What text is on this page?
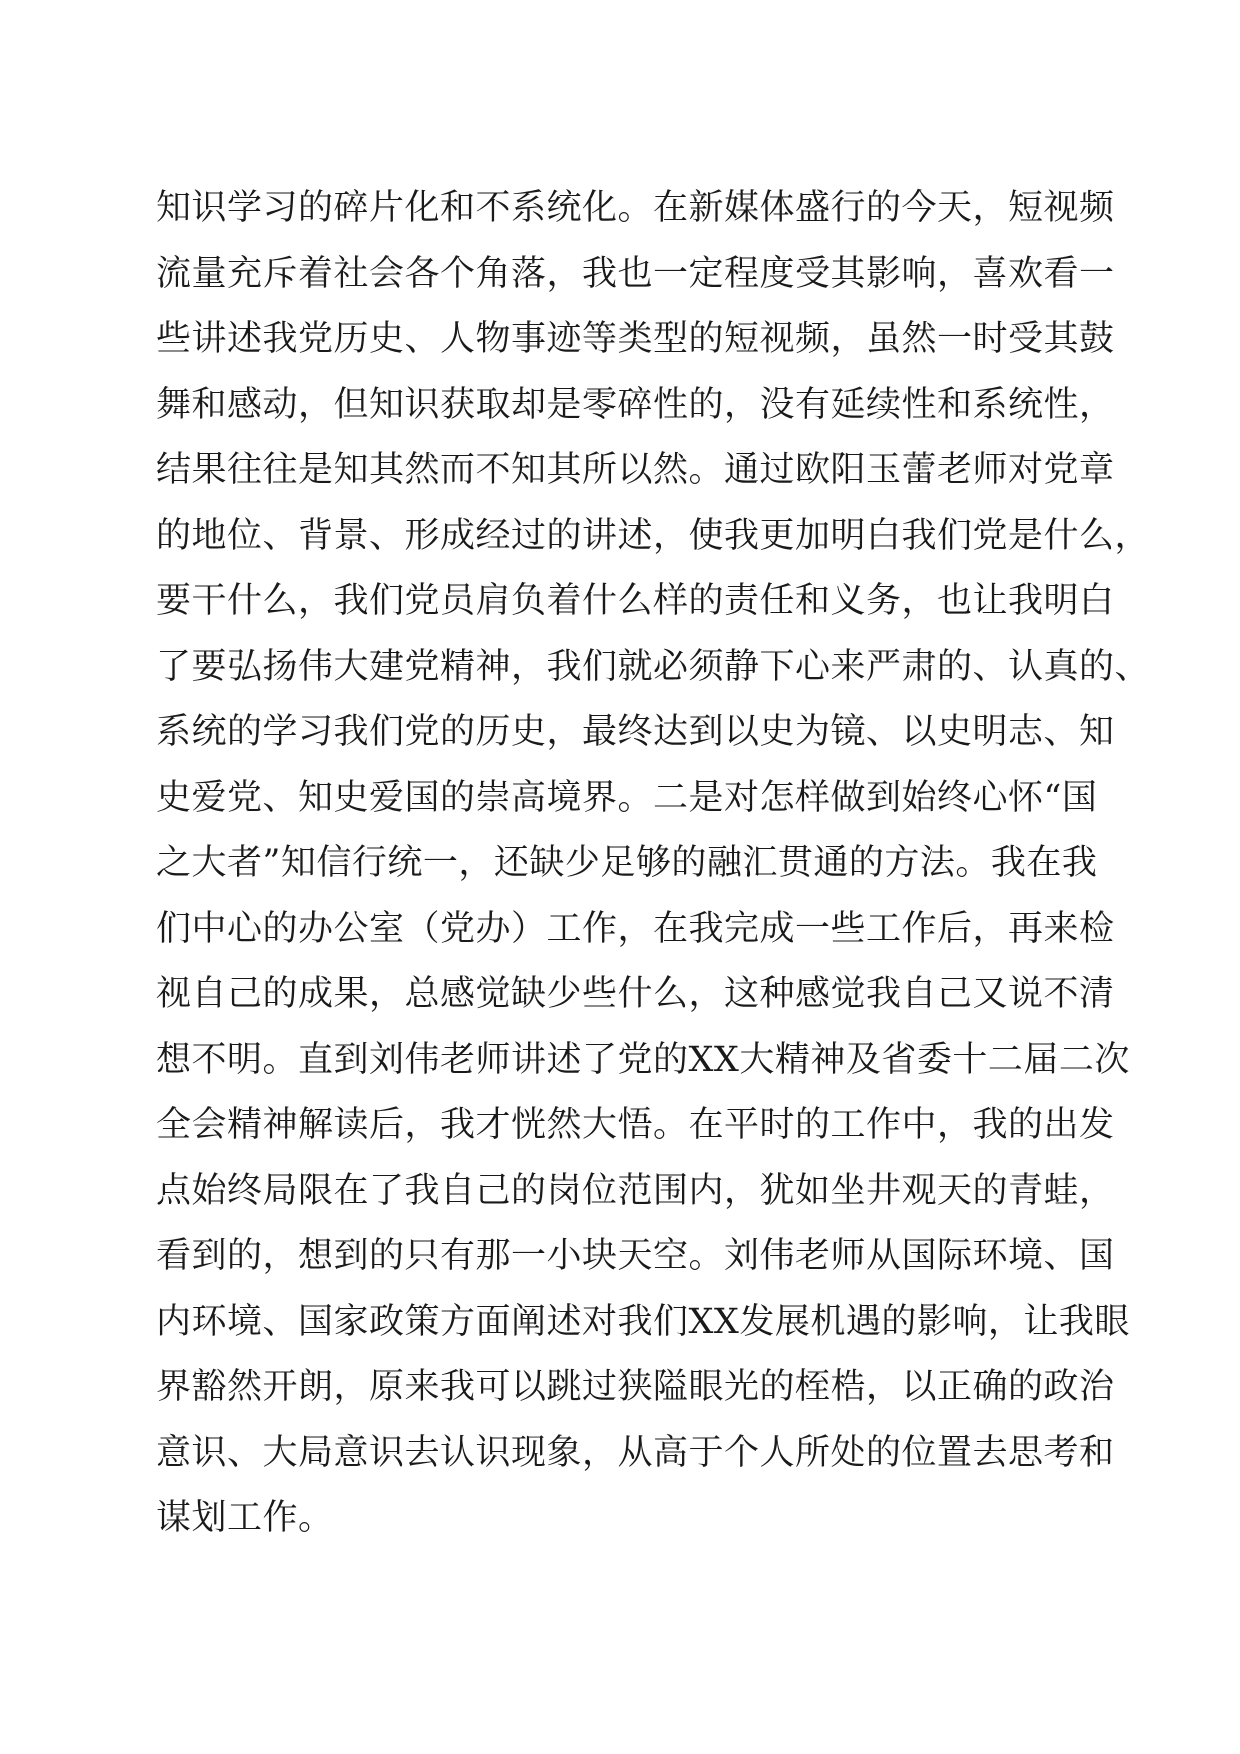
知识学习的碎片化和不系统化。在新媒体盛行的今天，短视频
流量充斥着社会各个角落，我也一定程度受其影响，喜欢看一
些讲述我党历史、人物事迹等类型的短视频，虽然一时受其鼓
舞和感动，但知识获取却是零碎性的，没有延续性和系统性，
结果往往是知其然而不知其所以然。通过欧阳玉蕾老师对党章
的地位、背景、形成经过的讲述，使我更加明白我们党是什么，
要干什么，我们党员肩负着什么样的责任和义务，也让我明白
了要弘扬伟大建党精神，我们就必须静下心来严肃的、认真的、
系统的学习我们党的历史，最终达到以史为镜、以史明志、知
史爱党、知史爱国的崇高境界。二是对怎样做到始终心怀“国
之大者”知信行统一，还缺少足够的融汇贯通的方法。我在我
们中心的办公室（党办）工作，在我完成一些工作后，再来检
视自己的成果，总感觉缺少些什么，这种感觉我自己又说不清
想不明。直到刘伟老师讲述了党的XX大精神及省委十二届二次
全会精神解读后，我才恍然大悟。在平时的工作中，我的出发
点始终局限在了我自己的岗位范围内，犹如坐井观天的青蛙，
看到的，想到的只有那一小块天空。刘伟老师从国际环境、国
内环境、国家政策方面阐述对我们XX发展机遇的影响，让我眼
界豁然开朗，原来我可以跳过狭隘眼光的桎梏，以正确的政治
意识、大局意识去认识现象，从高于个人所处的位置去思考和
谋划工作。
